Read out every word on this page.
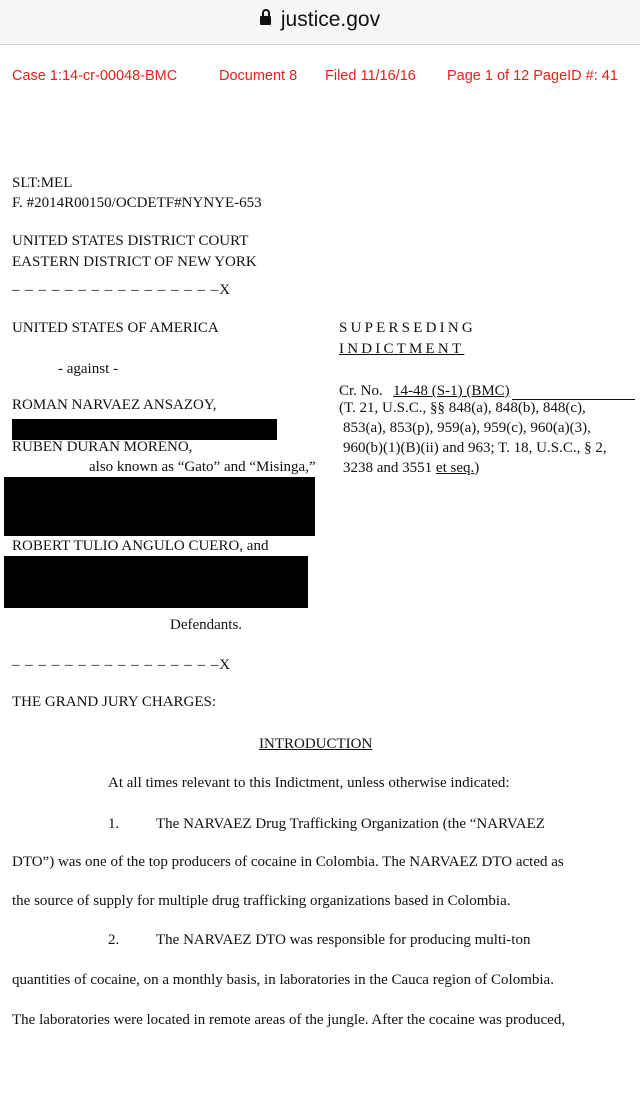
justice.gov
Case 1:14-cr-00048-BMC	Document 8 Filed 11/16/16 Page 1 of 12 PageID #: 41
SLT:MEL
F. #2014R00150/OCDETF#NYNYE-653
UNITED STATES DISTRICT COURT
EASTERN DISTRICT OF NEW YORK
– – – – – – – – – – – – – – – –X
UNITED STATES OF AMERICA
- against -
ROMAN NARVAEZ ANSAZOY,
RUBEN DURAN MORENO,
also known as “Gato” and “Misinga,”
ROBERT TULIO ANGULO CUERO, and
Defendants.
– – – – – – – – – – – – – – – –X
SUPERSEDING
INDICTMENT
Cr. No. 14-48 (S-1) (BMC)
(T. 21, U.S.C., §§ 848(a), 848(b), 848(c),
853(a), 853(p), 959(a), 959(c), 960(a)(3),
960(b)(1)(B)(ii) and 963; T. 18, U.S.C., § 2,
3238 and 3551 et seq.)
THE GRAND JURY CHARGES:
INTRODUCTION
At all times relevant to this Indictment, unless otherwise indicated:
1. The NARVAEZ Drug Trafficking Organization (the “NARVAEZ
DTO”) was one of the top producers of cocaine in Colombia. The NARVAEZ DTO acted as
the source of supply for multiple drug trafficking organizations based in Colombia.
2. The NARVAEZ DTO was responsible for producing multi-ton
quantities of cocaine, on a monthly basis, in laboratories in the Cauca region of Colombia.
The laboratories were located in remote areas of the jungle. After the cocaine was produced,
